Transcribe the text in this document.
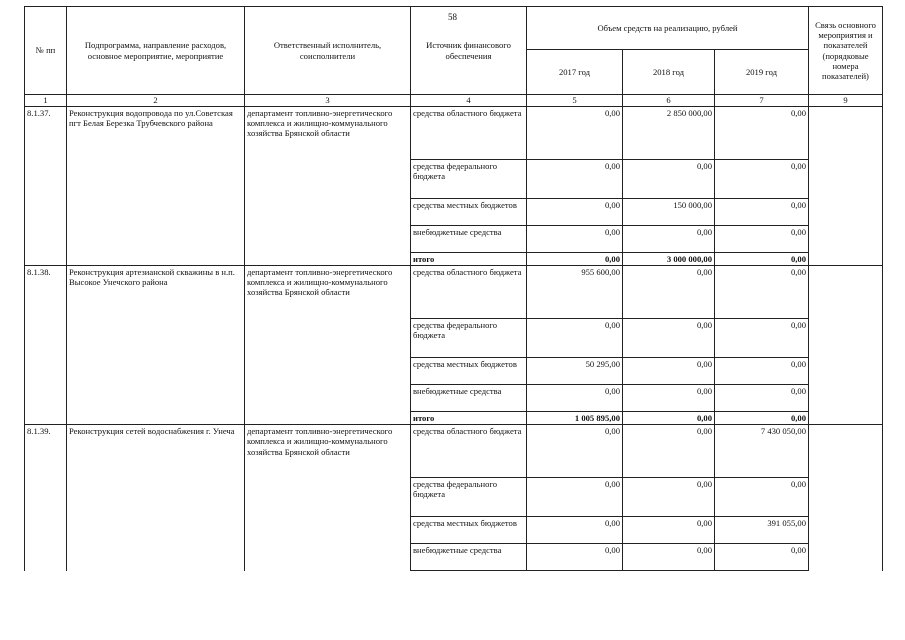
58
№ пп	Подпрограмма, направление расходов, основное мероприятие, мероприятие	Ответственный исполнитель, соисполнители	Источник финансового обеспечения	Объем средств на реализацию, рублей			Связь основного мероприятия и показателей (порядковые номера показателей)
				2017 год	2018 год	2019 год	
1	2	3	4	5	6	7	9
8.1.37.	Реконструкция водопровода по ул.Советская пгт Белая Березка Трубчевского района	департамент топливно-энергетического комплекса и жилищно-коммунального хозяйства Брянской области	средства областного бюджета	0,00	2 850 000,00	0,00	
			средства федерального бюджета	0,00	0,00	0,00	
			средства местных бюджетов	0,00	150 000,00	0,00	
			внебюджетные средства	0,00	0,00	0,00	
			итого	0,00	3 000 000,00	0,00	
8.1.38.	Реконструкция артезианской скважины в н.п. Высокое Унечского района	департамент топливно-энергетического комплекса и жилищно-коммунального хозяйства Брянской области	средства областного бюджета	955 600,00	0,00	0,00	
			средства федерального бюджета	0,00	0,00	0,00	
			средства местных бюджетов	50 295,00	0,00	0,00	
			внебюджетные средства	0,00	0,00	0,00	
			итого	1 005 895,00	0,00	0,00	
8.1.39.	Реконструкция сетей водоснабжения г. Унеча	департамент топливно-энергетического комплекса и жилищно-коммунального хозяйства Брянской области	средства областного бюджета	0,00	0,00	7 430 050,00	
			средства федерального бюджета	0,00	0,00	0,00	
			средства местных бюджетов	0,00	0,00	391 055,00	
			внебюджетные средства	0,00	0,00	0,00	
